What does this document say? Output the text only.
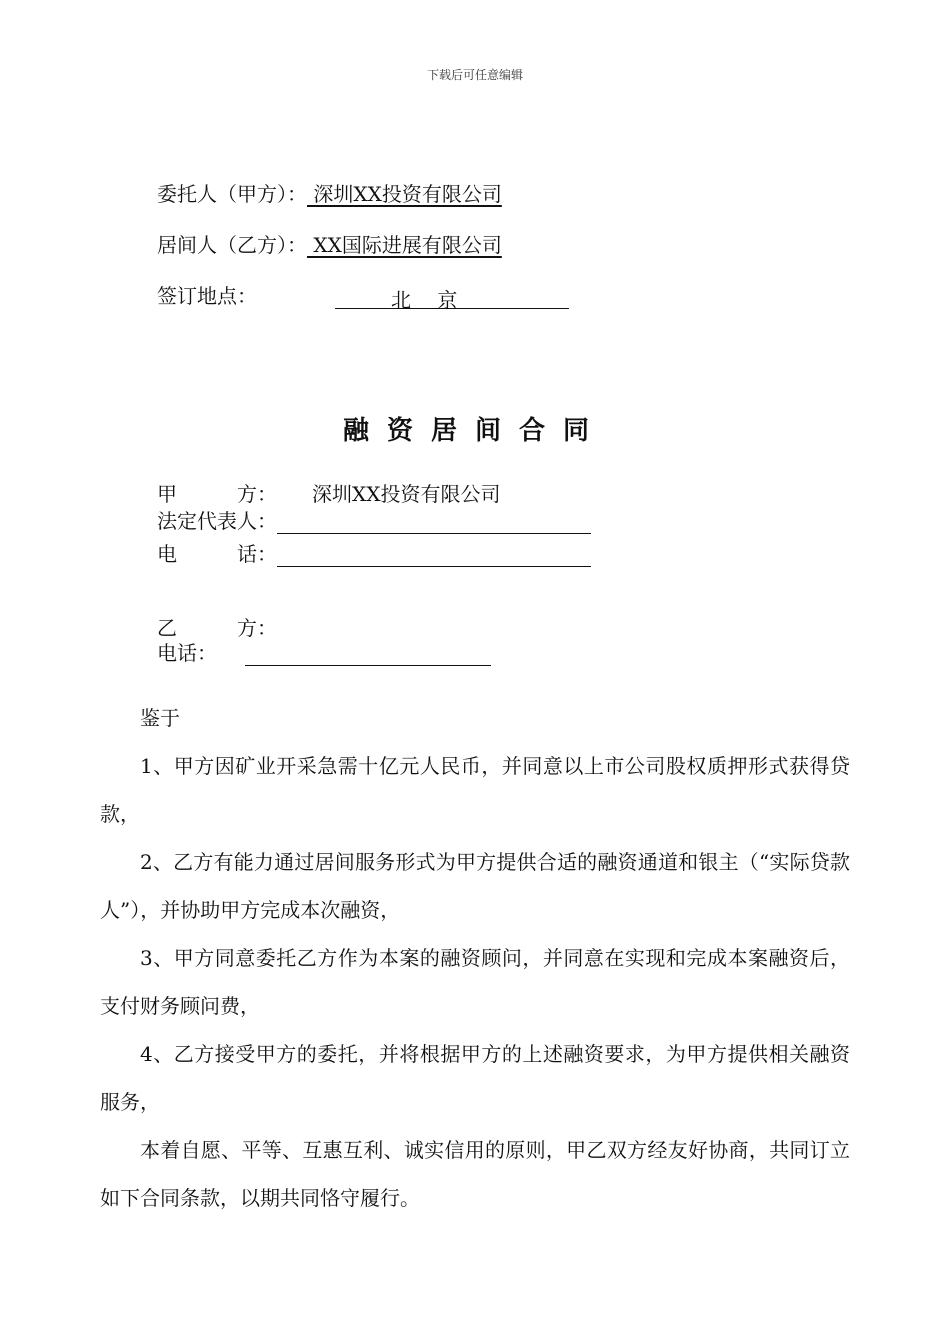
下载后可任意编辑
委托人（甲方）： 深圳XX投资有限公司
居间人（乙方）： XX国际进展有限公司
签订地点：	北　 京
融资居间合同
甲　　　方： 深圳XX投资有限公司
法定代表人：
电　　　话：
乙　　　方：
电话：

鉴于

1、甲方因矿业开采急需十亿元人民币，并同意以上市公司股权质押形式获得贷款，

2、乙方有能力通过居间服务形式为甲方提供合适的融资通道和银主（“实际贷款人”），并协助甲方完成本次融资，

3、甲方同意委托乙方作为本案的融资顾问，并同意在实现和完成本案融资后，支付财务顾问费，

4、乙方接受甲方的委托，并将根据甲方的上述融资要求，为甲方提供相关融资服务，

本着自愿、平等、互惠互利、诚实信用的原则，甲乙双方经友好协商，共同订立如下合同条款，以期共同恪守履行。
